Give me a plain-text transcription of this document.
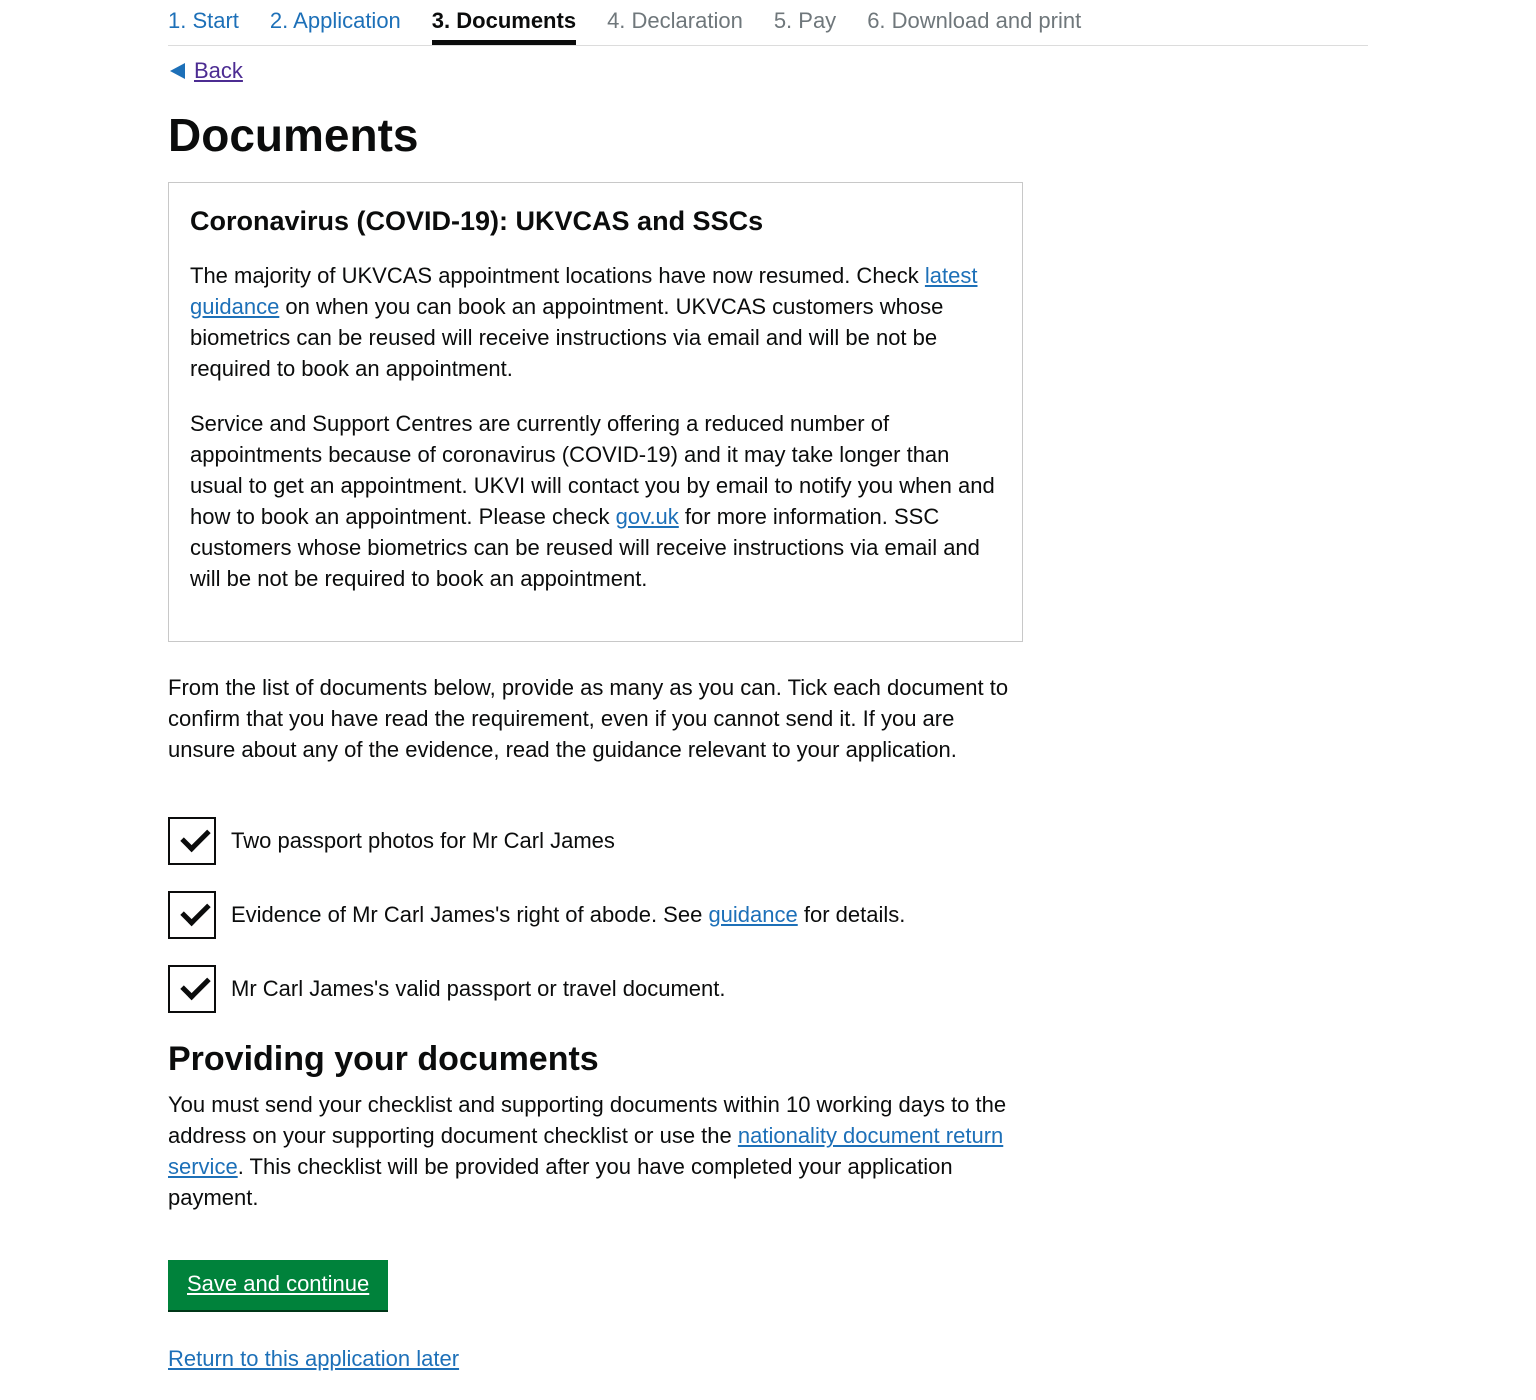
1. Start 2. Application 3. Documents 4. Declaration 5. Pay 6. Download and print
Back
Documents
Coronavirus (COVID-19): UKVCAS and SSCs

The majority of UKVCAS appointment locations have now resumed. Check latest guidance on when you can book an appointment. UKVCAS customers whose biometrics can be reused will receive instructions via email and will be not be required to book an appointment.

Service and Support Centres are currently offering a reduced number of appointments because of coronavirus (COVID-19) and it may take longer than usual to get an appointment. UKVI will contact you by email to notify you when and how to book an appointment. Please check gov.uk for more information. SSC customers whose biometrics can be reused will receive instructions via email and will be not be required to book an appointment.

From the list of documents below, provide as many as you can. Tick each document to confirm that you have read the requirement, even if you cannot send it. If you are unsure about any of the evidence, read the guidance relevant to your application.
Two passport photos for Mr Carl James
Evidence of Mr Carl James's right of abode. See guidance for details.
Mr Carl James's valid passport or travel document.
Providing your documents
You must send your checklist and supporting documents within 10 working days to the address on your supporting document checklist or use the nationality document return service. This checklist will be provided after you have completed your application payment.
Save and continue
Return to this application later
